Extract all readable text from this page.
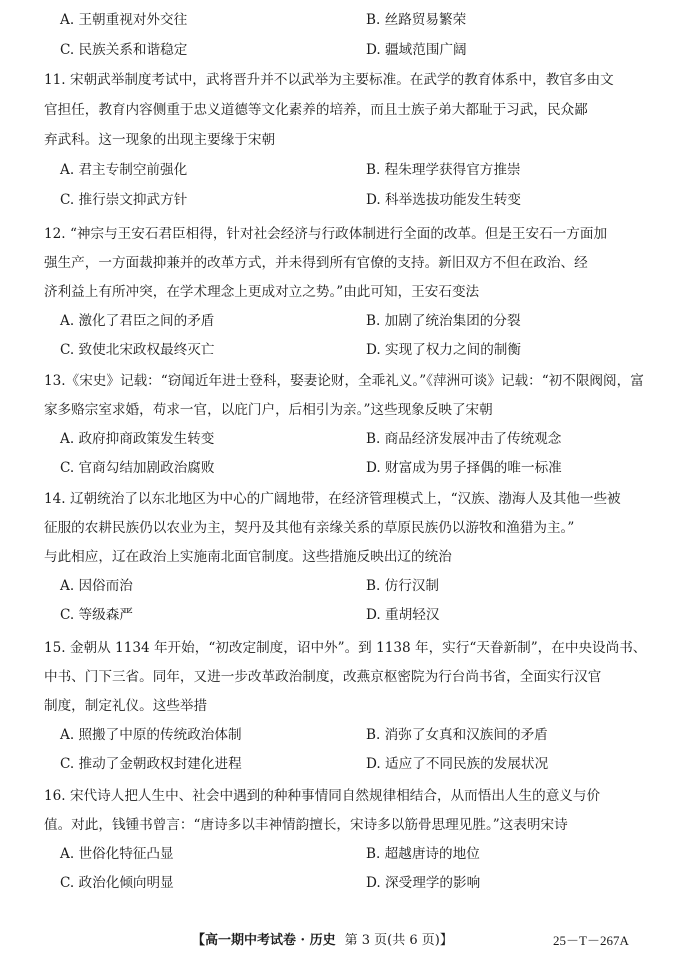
A. 王朝重视对外交往	B. 丝路贸易繁荣
C. 民族关系和谐稳定	D. 疆域范围广阔
11. 宋朝武举制度考试中，武将晋升并不以武举为主要标准。在武学的教育体系中，教官多由文
官担任，教育内容侧重于忠义道德等文化素养的培养，而且士族子弟大都耻于习武，民众鄙
弃武科。这一现象的出现主要缘于宋朝
A. 君主专制空前强化	B. 程朱理学获得官方推崇
C. 推行崇文抑武方针	D. 科举选拔功能发生转变
12. “神宗与王安石君臣相得，针对社会经济与行政体制进行全面的改革。但是王安石一方面加
强生产，一方面裁抑兼并的改革方式，并未得到所有官僚的支持。新旧双方不但在政治、经
济利益上有所冲突，在学术理念上更成对立之势。”由此可知，王安石变法
A. 激化了君臣之间的矛盾	B. 加剧了统治集团的分裂
C. 致使北宋政权最终灭亡	D. 实现了权力之间的制衡
13.《宋史》记载：“窃闻近年进士登科，娶妻论财，全乖礼义。”《萍洲可谈》记载：“初不限阀阅，富
家多赂宗室求婚，苟求一官，以庇门户，后相引为亲。”这些现象反映了宋朝
A. 政府抑商政策发生转变	B. 商品经济发展冲击了传统观念
C. 官商勾结加剧政治腐败	D. 财富成为男子择偶的唯一标准
14. 辽朝统治了以东北地区为中心的广阔地带，在经济管理模式上，“汉族、渤海人及其他一些被
征服的农耕民族仍以农业为主，契丹及其他有亲缘关系的草原民族仍以游牧和渔猎为主。”
与此相应，辽在政治上实施南北面官制度。这些措施反映出辽的统治
A. 因俗而治	B. 仿行汉制
C. 等级森严	D. 重胡轻汉
15. 金朝从 1134 年开始，“初改定制度，诏中外”。到 1138 年，实行“天眷新制”，在中央设尚书、
中书、门下三省。同年，又进一步改革政治制度，改燕京枢密院为行台尚书省，全面实行汉官
制度，制定礼仪。这些举措
A. 照搬了中原的传统政治体制	B. 消弥了女真和汉族间的矛盾
C. 推动了金朝政权封建化进程	D. 适应了不同民族的发展状况
16. 宋代诗人把人生中、社会中遇到的种种事情同自然规律相结合，从而悟出人生的意义与价
值。对此，钱锺书曾言：“唐诗多以丰神情韵擅长，宋诗多以筋骨思理见胜。”这表明宋诗
A. 世俗化特征凸显	B. 超越唐诗的地位
C. 政治化倾向明显	D. 深受理学的影响
【高一期中考试卷 · 历史 第 3 页(共 6 页)】	25－T－267A
